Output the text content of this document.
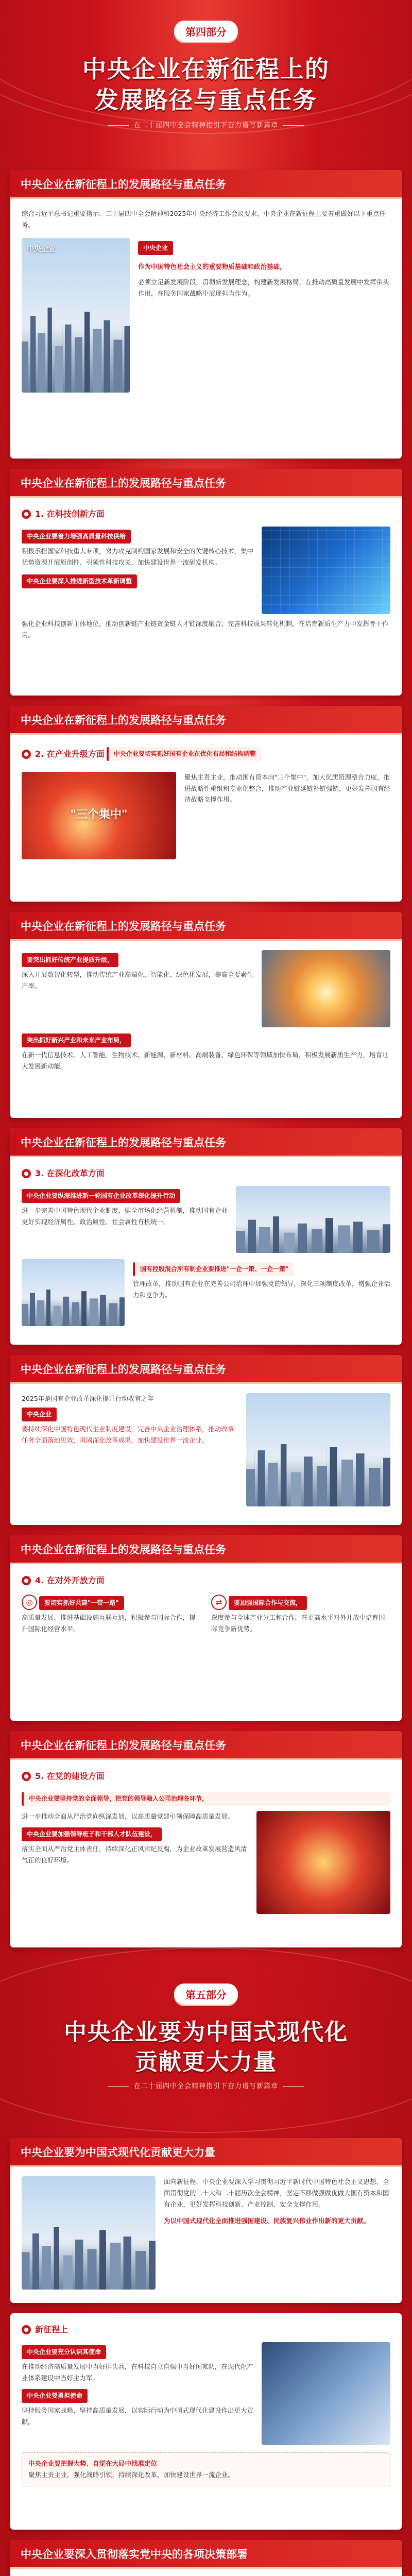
第四部分
中央企业在新征程上的
发展路径与重点任务
在二十届四中全会精神指引下奋力谱写新篇章
中央企业在新征程上的发展路径与重点任务

综合习近平总书记重要指示、二十届四中全会精神和2025年中央经济工作会议要求，中央企业在新征程上要着重做好以下重点任务。

中央企业	中央企业

作为中国特色社会主义的重要物质基础和政治基础，

必须立足新发展阶段，贯彻新发展理念，构建新发展格局，在推动高质量发展中发挥带头作用，在服务国家战略中展现担当作为。

中央企业在新征程上的发展路径与重点任务
● 1. 在科技创新方面
中央企业要着力增强高质量科技供给

积极承担国家科技重大专项，努力攻克制约国家发展和安全的关键核心技术，集中优势资源开展原创性、引领性科技攻关，加快建设世界一流研发机构。

中央企业要深入推进新型技术革新调整

强化企业科技创新主体地位，推动创新链产业链资金链人才链深度融合，完善科技成果转化机制，在培育新质生产力中发挥骨干作用。

中央企业在新征程上的发展路径与重点任务
● 2. 在产业升级方面 中央企业要切实抓好国有企业在优化布局和结构调整
"三个集中"

聚焦主责主业，推动国有资本向"三个集中"，加大优质资源整合力度，推进战略性重组和专业化整合，推动产业链延链补链强链，更好发挥国有经济战略支撑作用。

中央企业在新征程上的发展路径与重点任务
要突出抓好传统产业提质升级，

深入开展数智化转型，推动传统产业高端化、智能化、绿色化发展，提高全要素生产率。

突出抓好新兴产业和未来产业布局，

在新一代信息技术、人工智能、生物技术、新能源、新材料、高端装备、绿色环保等领域加快布局，积极发展新质生产力，培育壮大发展新动能。

中央企业在新征程上的发展路径与重点任务
● 3. 在深化改革方面
中央企业要纵深推进新一轮国有企业改革深化提升行动

进一步完善中国特色现代企业制度，健全市场化经营机制，推动国有企业更好实现经济属性、政治属性、社会属性有机统一。

国有控股混合所有制企业要推进"一企一策、一企一策"

管理改革，推动国有企业在完善公司治理中加强党的领导，深化三项制度改革，增强企业活力和竞争力。

中央企业在新征程上的发展路径与重点任务

2025年是国有企业改革深化提升行动收官之年

中央企业

要持续深化中国特色现代企业制度建设，完善中央企业治理体系，推动改革任务全面落地见效，巩固深化改革成果，加快建设世界一流企业。

中央企业在新征程上的发展路径与重点任务
● 4. 在对外开放方面
◎ 要切实抓好共建"一带一路"

高质量发展，推进基础设施互联互通，积极参与国际合作，提升国际化经营水平。

⇄ 要加强国际合作与交流，

深度参与全球产业分工和合作，在更高水平对外开放中培育国际竞争新优势。

中央企业在新征程上的发展路径与重点任务
● 5. 在党的建设方面
中央企业要坚持党的全面领导，把党的领导融入公司治理各环节，

进一步推动全面从严治党向纵深发展，以高质量党建引领保障高质量发展。

中央企业要加强领导班子和干部人才队伍建设，

落实全面从严治党主体责任，持续深化正风肃纪反腐，为企业改革发展营造风清气正的良好环境。

第五部分
中央企业要为中国式现代化
贡献更大力量
在二十届四中全会精神指引下奋力谱写新篇章
中央企业要为中国式现代化贡献更大力量

面向新征程，中央企业要深入学习贯彻习近平新时代中国特色社会主义思想，全面贯彻党的二十大和二十届历次全会精神，坚定不移做强做优做大国有资本和国有企业，更好发挥科技创新、产业控制、安全支撑作用。

为以中国式现代化全面推进强国建设、民族复兴伟业作出新的更大贡献。

● 新征程上
中央企业要充分认识其使命

在推动经济高质量发展中当好排头兵，在科技自立自强中当好国家队，在现代化产业体系建设中当好主力军。

中央企业要勇担使命

坚持服务国家战略，坚持高质量发展，以实际行动为中国式现代化建设作出更大贡献。

中央企业要把握大势、自觉在大局中找准定位

聚焦主责主业，强化战略引领，持续深化改革，加快建设世界一流企业。

中央企业要深入贯彻落实党中央的各项决策部署
